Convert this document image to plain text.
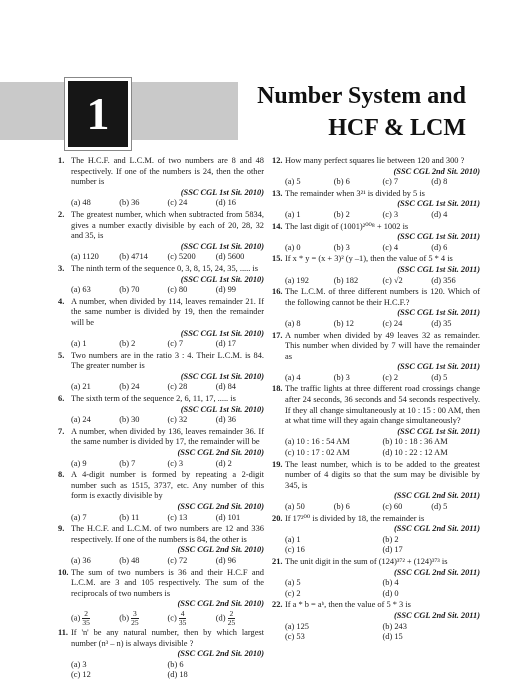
1	Number System and
HCF & LCM
1. The H.C.F. and L.C.M. of two numbers are 8 and 48 respectively. If one of the numbers is 24, then the other number is
(SSC CGL 1st Sit. 2010)
(a) 48	(b) 36	(c) 24	(d) 16
2. The greatest number, which when subtracted from 5834, gives a number exactly divisible by each of 20, 28, 32 and 35, is
(SSC CGL 1st Sit. 2010)
(a) 1120	(b) 4714	(c) 5200	(d) 5600
3. The ninth term of the sequence 0, 3, 8, 15, 24, 35, ..... is
(SSC CGL 1st Sit. 2010)
(a) 63	(b) 70	(c) 80	(d) 99
4. A number, when divided by 114, leaves remainder 21. If the same number is divided by 19, then the remainder will be
(SSC CGL 1st Sit. 2010)
(a) 1	(b) 2	(c) 7	(d) 17
5. Two numbers are in the ratio 3 : 4. Their L.C.M. is 84. The greater number is
(SSC CGL 1st Sit. 2010)
(a) 21	(b) 24	(c) 28	(d) 84
6. The sixth term of the sequence 2, 6, 11, 17, ..... is
(SSC CGL 1st Sit. 2010)
(a) 24	(b) 30	(c) 32	(d) 36
7. A number, when divided by 136, leaves remainder 36. If the same number is divided by 17, the remainder will be
(SSC CGL 2nd Sit. 2010)
(a) 9	(b) 7	(c) 3	(d) 2
8. A 4-digit number is formed by repeating a 2-digit number such as 1515, 3737, etc. Any number of this form is exactly divisible by
(SSC CGL 2nd Sit. 2010)
(a) 7	(b) 11	(c) 13	(d) 101
9. The H.C.F. and L.C.M. of two numbers are 12 and 336 respectively. If one of the numbers is 84, the other is
(SSC CGL 2nd Sit. 2010)
(a) 36	(b) 48	(c) 72	(d) 96
10. The sum of two numbers is 36 and their H.C.F and L.C.M. are 3 and 105 respectively. The sum of the reciprocals of two numbers is
(SSC CGL 2nd Sit. 2010)
$(a) \frac{2}{35}$	$(b) \frac{3}{25}$	$(c) \frac{4}{35}$	$(d) \frac{2}{25}$
11. If 'n' be any natural number, then by which largest number (n³ – n) is always divisible ?
(SSC CGL 2nd Sit. 2010)
(a) 3	(b) 6
(c) 12	(d) 18
12. How many perfect squares lie between 120 and 300 ?
(SSC CGL 2nd Sit. 2010)
(a) 5	(b) 6	(c) 7	(d) 8
13. The remainder when 3²¹ is divided by 5 is
(SSC CGL 1st Sit. 2011)
(a) 1	(b) 2	(c) 3	(d) 4
14. The last digit of (1001)²⁰⁰⁸ + 1002 is
(SSC CGL 1st Sit. 2011)
(a) 0	(b) 3	(c) 4	(d) 6
15. If x * y = (x + 3)² (y –1), then the value of 5 * 4 is
(SSC CGL 1st Sit. 2011)
(a) 192	(b) 182	(c) √2	(d) 356
16. The L.C.M. of three different numbers is 120. Which of the following cannot be their H.C.F.?
(SSC CGL 1st Sit. 2011)
(a) 8	(b) 12	(c) 24	(d) 35
17. A number when divided by 49 leaves 32 as remainder. This number when divided by 7 will have the remainder as
(SSC CGL 1st Sit. 2011)
(a) 4	(b) 3	(c) 2	(d) 5
18. The traffic lights at three different road crossings change after 24 seconds, 36 seconds and 54 seconds respectively. If they all change simultaneously at 10 : 15 : 00 AM, then at what time will they again change simultaneously?
(SSC CGL 1st Sit. 2011)
(a) 10 : 16 : 54 AM	(b) 10 : 18 : 36 AM
(c) 10 : 17 : 02 AM	(d) 10 : 22 : 12 AM
19. The least number, which is to be added to the greatest number of 4 digits so that the sum may be divisible by 345, is
(SSC CGL 2nd Sit. 2011)
(a) 50	(b) 6	(c) 60	(d) 5
20. If 17²⁰⁰ is divided by 18, the remainder is
(SSC CGL 2nd Sit. 2011)
(a) 1	(b) 2
(c) 16	(d) 17
21. The unit digit in the sum of (124)³⁷² + (124)³⁷³ is
(SSC CGL 2nd Sit. 2011)
(a) 5	(b) 4
(c) 2	(d) 0
22. If a * b = aᵇ, then the value of 5 * 3 is
(SSC CGL 2nd Sit. 2011)
(a) 125	(b) 243
(c) 53	(d) 15
